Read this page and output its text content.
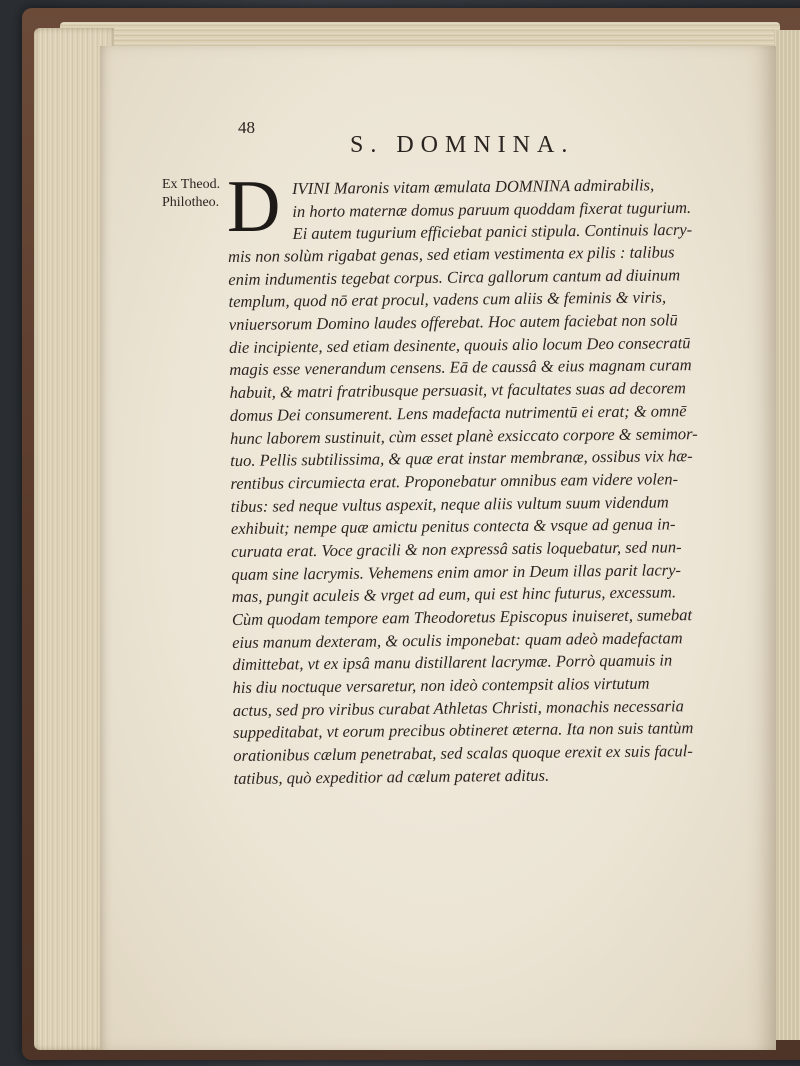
48
S. DOMNINA.
Ex Theod.
Philotheo. D IVINI Maronis vitam æmulata DOMNINA admirabilis,
in horto maternæ domus paruum quoddam fixerat tugurium.
Ei autem tugurium efficiebat panici stipula. Continuis lacry-
mis non solùm rigabat genas, sed etiam vestimenta ex pilis : talibus
enim indumentis tegebat corpus. Circa gallorum cantum ad diuinum
templum, quod nō erat procul, vadens cum aliis & feminis & viris,
vniuersorum Domino laudes offerebat. Hoc autem faciebat non solū
die incipiente, sed etiam desinente, quouis alio locum Deo consecratū
magis esse venerandum censens. Eā de caussâ & eius magnam curam
habuit, & matri fratribusque persuasit, vt facultates suas ad decorem
domus Dei consumerent. Lens madefacta nutrimentū ei erat; & omnē
hunc laborem sustinuit, cùm esset planè exsiccato corpore & semimor-
tuo. Pellis subtilissima, & quæ erat instar membranæ, ossibus vix hæ-
rentibus circumiecta erat. Proponebatur omnibus eam videre volen-
tibus: sed neque vultus aspexit, neque aliis vultum suum videndum
exhibuit; nempe quæ amictu penitus contecta & vsque ad genua in-
curuata erat. Voce gracili & non expressâ satis loquebatur, sed nun-
quam sine lacrymis. Vehemens enim amor in Deum illas parit lacry-
mas, pungit aculeis & vrget ad eum, qui est hinc futurus, excessum.
Cùm quodam tempore eam Theodoretus Episcopus inuiseret, sumebat
eius manum dexteram, & oculis imponebat: quam adeò madefactam
dimittebat, vt ex ipsâ manu distillarent lacrymæ. Porrò quamuis in
his diu noctuque versaretur, non ideò contempsit alios virtutum
actus, sed pro viribus curabat Athletas Christi, monachis necessaria
suppeditabat, vt eorum precibus obtineret æterna. Ita non suis tantùm
orationibus cælum penetrabat, sed scalas quoque erexit ex suis facul-
tatibus, quò expeditior ad cælum pateret aditus.
